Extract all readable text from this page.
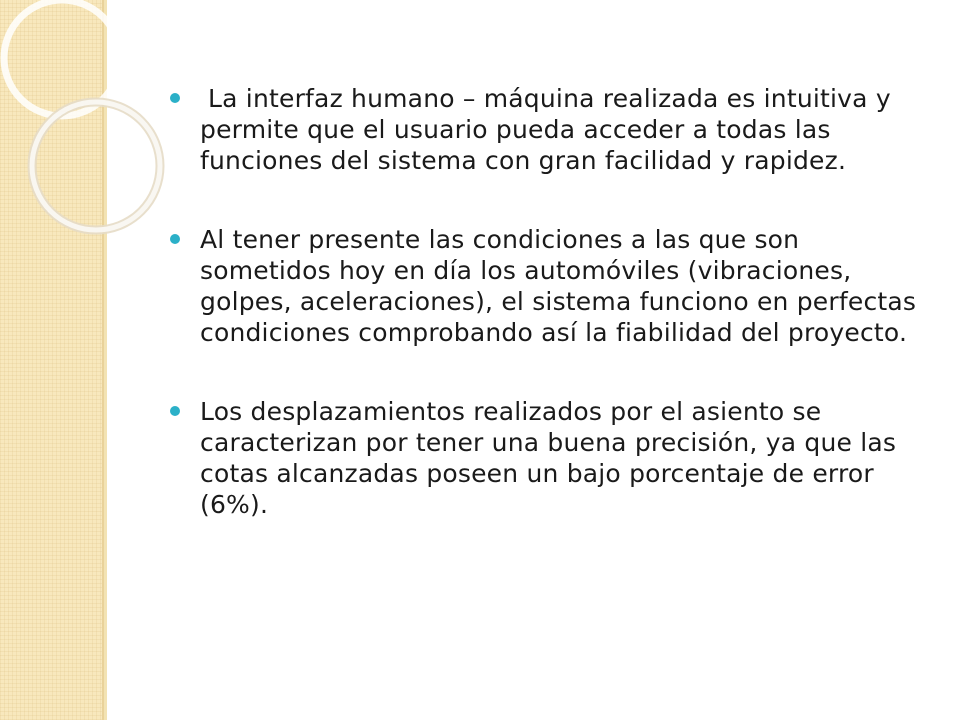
La interfaz humano – máquina realizada es intuitiva y permite que el usuario pueda acceder a todas las funciones del sistema con gran facilidad y rapidez.
Al tener presente las condiciones a las que son sometidos hoy en día los automóviles (vibraciones, golpes, aceleraciones), el sistema funciono en perfectas condiciones comprobando así la fiabilidad del proyecto.
Los desplazamientos realizados por el asiento se caracterizan por tener una buena precisión, ya que las cotas alcanzadas poseen un bajo porcentaje de error (6%).
